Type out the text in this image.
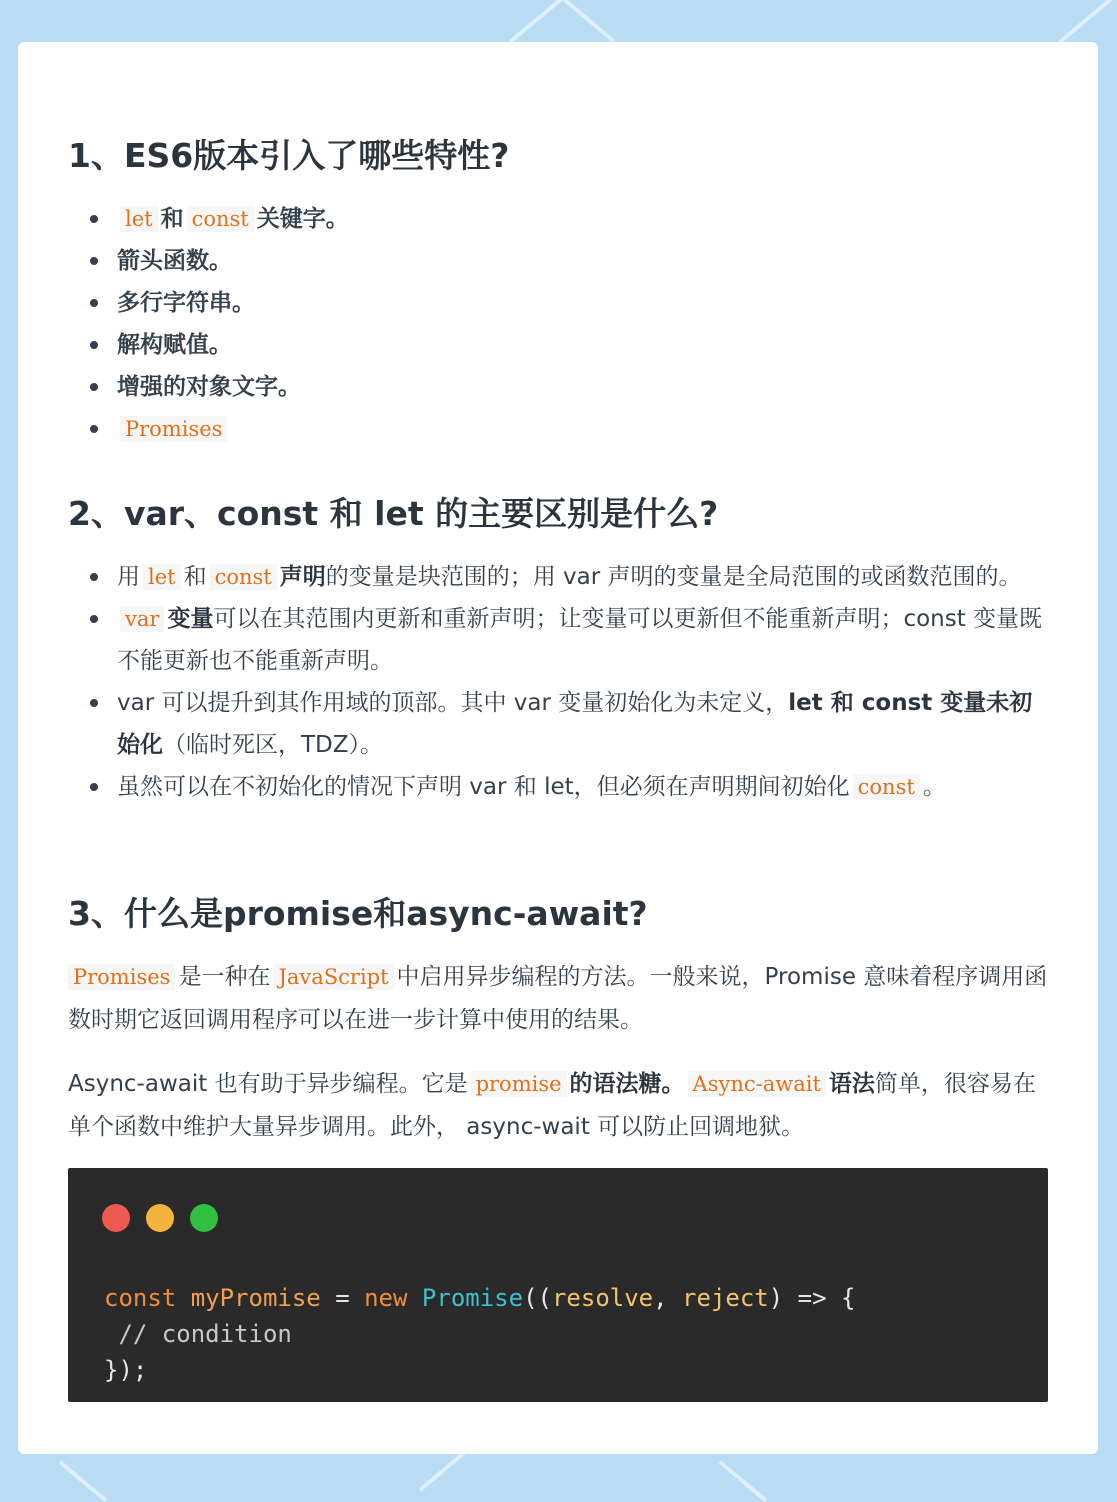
1、ES6版本引入了哪些特性?
let 和 const 关键字。
箭头函数。
多行字符串。
解构赋值。
增强的对象文字。
Promises
2、var、const 和 let 的主要区别是什么?
用 let 和 const 声明的变量是块范围的；用 var 声明的变量是全局范围的或函数范围的。
var 变量可以在其范围内更新和重新声明；让变量可以更新但不能重新声明；const 变量既不能更新也不能重新声明。
var 可以提升到其作用域的顶部。其中 var 变量初始化为未定义，let 和 const 变量未初始化（临时死区，TDZ）。
虽然可以在不初始化的情况下声明 var 和 let，但必须在声明期间初始化 const 。
3、什么是promise和async-await?

Promises 是一种在 JavaScript 中启用异步编程的方法。一般来说，Promise 意味着程序调用函数时期它返回调用程序可以在进一步计算中使用的结果。

Async-await 也有助于异步编程。它是 promise 的语法糖。 Async-await 语法简单，很容易在单个函数中维护大量异步调用。此外， async-wait 可以防止回调地狱。

const myPromise = new Promise((resolve, reject) => {
// condition
});
